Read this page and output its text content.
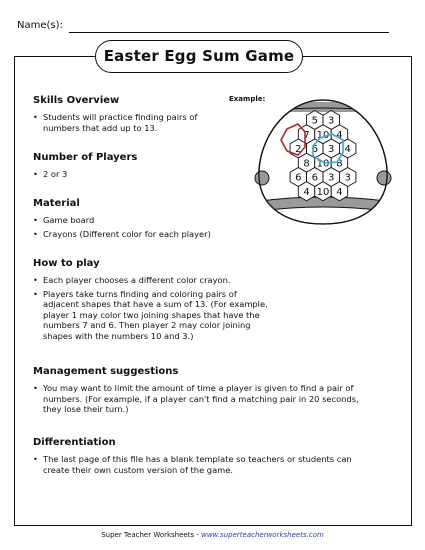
Name(s):
Easter Egg Sum Game
Example:
Skills Overview
• Students will practice finding pairs of numbers that add up to 13.
Number of Players
• 2 or 3
Material
• Game board
• Crayons (Different color for each player)
How to play
• Each player chooses a different color crayon.
• Players take turns finding and coloring pairs of adjacent shapes that have a sum of 13. (For example, player 1 may color two joining shapes that have the numbers 7 and 6. Then player 2 may color joining shapes with the numbers 10 and 3.)
Management suggestions
• You may want to limit the amount of time a player is given to find a pair of numbers. (For example, if a player can't find a matching pair in 20 seconds, they lose their turn.)
Differentiation
• The last page of this file has a blank template so teachers or students can create their own custom version of the game.
5 3
7 10 4
2 6 3 4
8 10 8
6 6 3 3
4 10 4
Super Teacher Worksheets - www.superteacherworksheets.com
